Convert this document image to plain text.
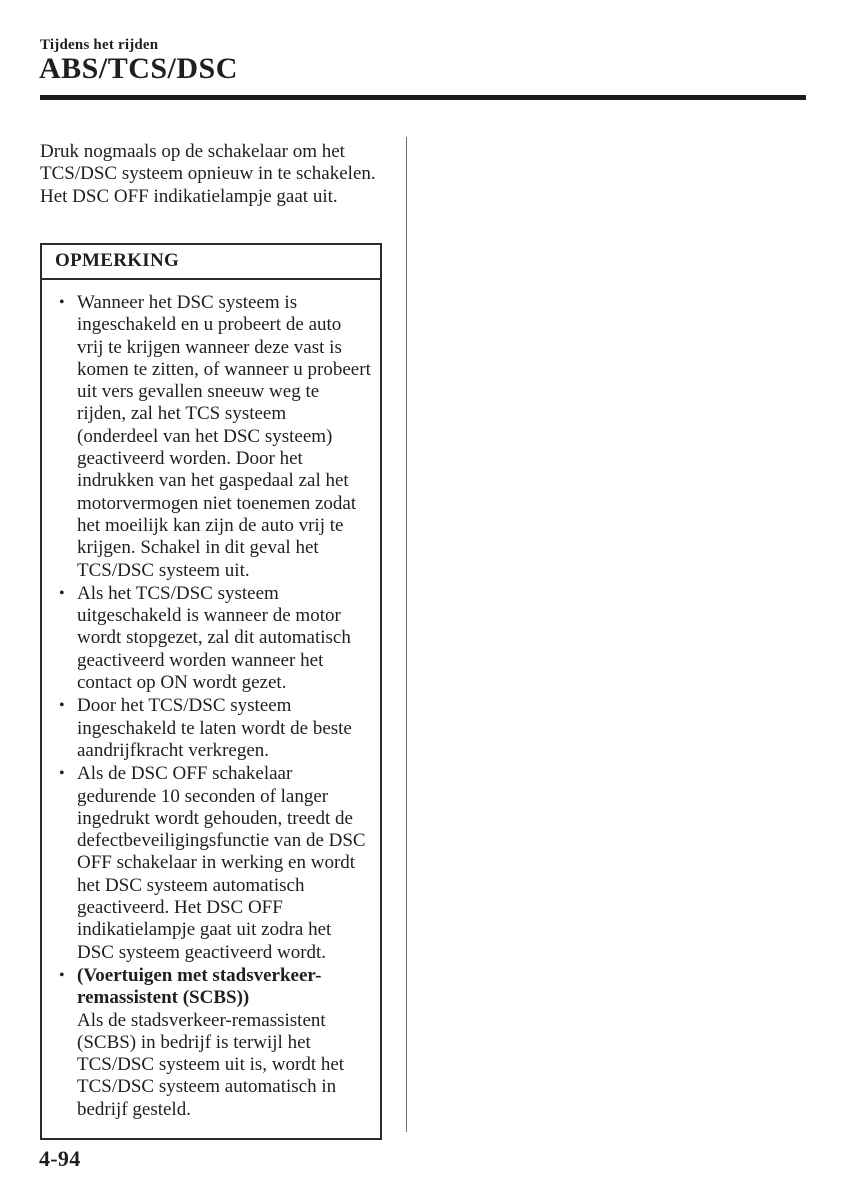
Tijdens het rijden
ABS/TCS/DSC
Druk nogmaals op de schakelaar om het TCS/DSC systeem opnieuw in te schakelen. Het DSC OFF indikatielampje gaat uit.
OPMERKING
• Wanneer het DSC systeem is ingeschakeld en u probeert de auto vrij te krijgen wanneer deze vast is komen te zitten, of wanneer u probeert uit vers gevallen sneeuw weg te rijden, zal het TCS systeem (onderdeel van het DSC systeem) geactiveerd worden. Door het indrukken van het gaspedaal zal het motorvermogen niet toenemen zodat het moeilijk kan zijn de auto vrij te krijgen. Schakel in dit geval het TCS/DSC systeem uit.
• Als het TCS/DSC systeem uitgeschakeld is wanneer de motor wordt stopgezet, zal dit automatisch geactiveerd worden wanneer het contact op ON wordt gezet.
• Door het TCS/DSC systeem ingeschakeld te laten wordt de beste aandrijfkracht verkregen.
• Als de DSC OFF schakelaar gedurende 10 seconden of langer ingedrukt wordt gehouden, treedt de defectbeveiligingsfunctie van de DSC OFF schakelaar in werking en wordt het DSC systeem automatisch geactiveerd. Het DSC OFF indikatielampje gaat uit zodra het DSC systeem geactiveerd wordt.
• (Voertuigen met stadsverkeer-remassistent (SCBS))
Als de stadsverkeer-remassistent (SCBS) in bedrijf is terwijl het TCS/DSC systeem uit is, wordt het TCS/DSC systeem automatisch in bedrijf gesteld.
4-94
